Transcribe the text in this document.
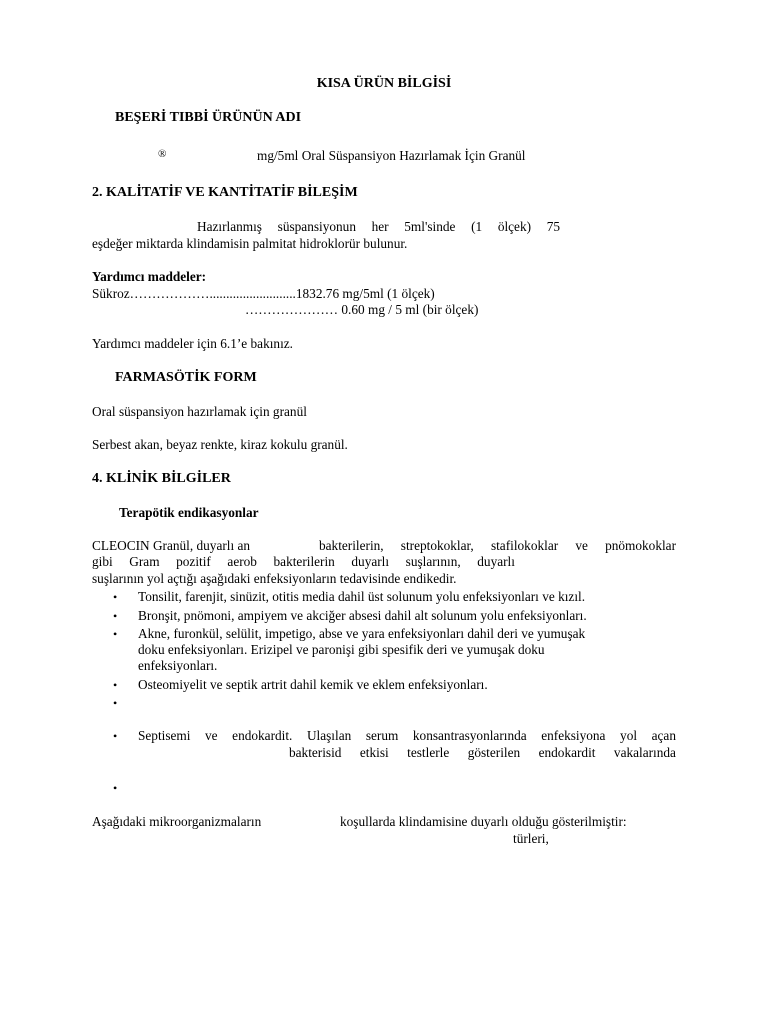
KISA ÜRÜN BİLGİSİ
BEŞERİ TIBBİ ÜRÜNÜN ADI
®	mg/5ml Oral Süspansiyon Hazırlamak İçin Granül
2. KALİTATİF VE KANTİTATİF BİLEŞİM
Hazırlanmış süspansiyonun her 5ml'sinde (1 ölçek) 75
eşdeğer miktarda klindamisin palmitat hidroklorür bulunur.
Yardımcı maddeler:
Sükroz………………..........................1832.76 mg/5ml (1 ölçek)
………………… 0.60 mg / 5 ml (bir ölçek)
Yardımcı maddeler için 6.1’e bakınız.
FARMASÖTİK FORM
Oral süspansiyon hazırlamak için granül
Serbest akan, beyaz renkte, kiraz kokulu granül.
4. KLİNİK BİLGİLER
Terapötik endikasyonlar
CLEOCIN Granül, duyarlı an	bakterilerin, streptokoklar, stafilokoklar ve pnömokoklar
gibi Gram pozitif aerob bakterilerin duyarlı suşlarının, duyarlı
suşlarının yol açtığı aşağıdaki enfeksiyonların tedavisinde endikedir.
• Tonsilit, farenjit, sinüzit, otitis media dahil üst solunum yolu enfeksiyonları ve kızıl.
• Bronşit, pnömoni, ampiyem ve akciğer absesi dahil alt solunum yolu enfeksiyonları.
• Akne, furonkül, selülit, impetigo, abse ve yara enfeksiyonları dahil deri ve yumuşak
doku enfeksiyonları. Erizipel ve paronişi gibi spesifik deri ve yumuşak doku
enfeksiyonları.
• Osteomiyelit ve septik artrit dahil kemik ve eklem enfeksiyonları.
•
• Septisemi ve endokardit. Ulaşılan serum konsantrasyonlarında enfeksiyona yol açan
bakterisid etkisi testlerle gösterilen endokardit vakalarında
•
Aşağıdaki mikroorganizmaların	koşullarda klindamisine duyarlı olduğu gösterilmiştir:
türleri,
